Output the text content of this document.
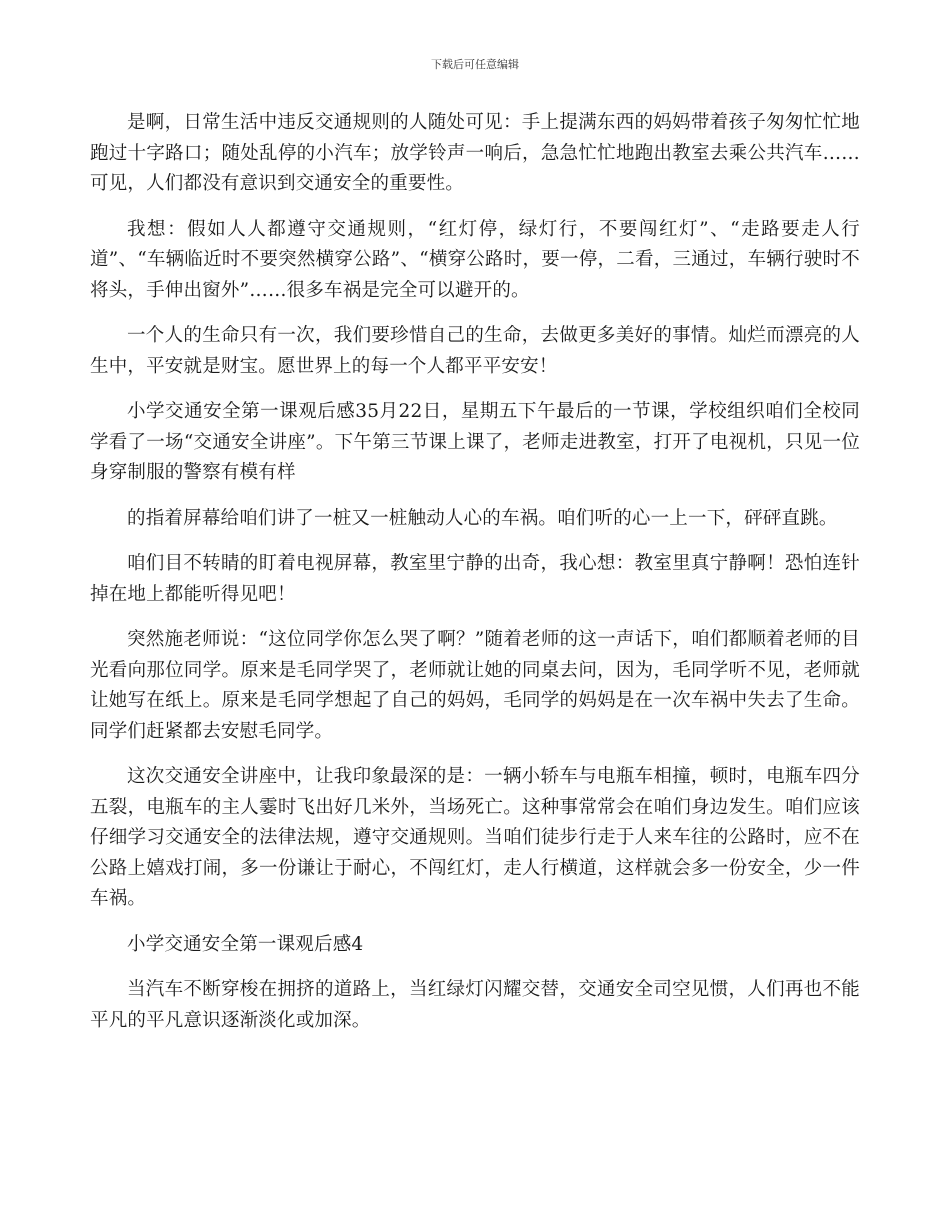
下载后可任意编辑

是啊，日常生活中违反交通规则的人随处可见：手上提满东西的妈妈带着孩子匆匆忙忙地跑过十字路口；随处乱停的小汽车；放学铃声一响后，急急忙忙地跑出教室去乘公共汽车……可见，人们都没有意识到交通安全的重要性。

我想：假如人人都遵守交通规则，“红灯停，绿灯行，不要闯红灯”、“走路要走人行道”、“车辆临近时不要突然横穿公路”、“横穿公路时，要一停，二看，三通过，车辆行驶时不将头，手伸出窗外”……很多车祸是完全可以避开的。

一个人的生命只有一次，我们要珍惜自己的生命，去做更多美好的事情。灿烂而漂亮的人生中，平安就是财宝。愿世界上的每一个人都平平安安！

小学交通安全第一课观后感35月22日，星期五下午最后的一节课，学校组织咱们全校同学看了一场“交通安全讲座”。下午第三节课上课了，老师走进教室，打开了电视机，只见一位身穿制服的警察有模有样

的指着屏幕给咱们讲了一桩又一桩触动人心的车祸。咱们听的心一上一下，砰砰直跳。

咱们目不转睛的盯着电视屏幕，教室里宁静的出奇，我心想：教室里真宁静啊！恐怕连针掉在地上都能听得见吧！

突然施老师说：“这位同学你怎么哭了啊？”随着老师的这一声话下，咱们都顺着老师的目光看向那位同学。原来是毛同学哭了，老师就让她的同桌去问，因为，毛同学听不见，老师就让她写在纸上。原来是毛同学想起了自己的妈妈，毛同学的妈妈是在一次车祸中失去了生命。同学们赶紧都去安慰毛同学。

这次交通安全讲座中，让我印象最深的是：一辆小轿车与电瓶车相撞，顿时，电瓶车四分五裂，电瓶车的主人霎时飞出好几米外，当场死亡。这种事常常会在咱们身边发生。咱们应该仔细学习交通安全的法律法规，遵守交通规则。当咱们徒步行走于人来车往的公路时，应不在公路上嬉戏打闹，多一份谦让于耐心，不闯红灯，走人行横道，这样就会多一份安全，少一件车祸。

小学交通安全第一课观后感4

当汽车不断穿梭在拥挤的道路上，当红绿灯闪耀交替，交通安全司空见惯，人们再也不能平凡的平凡意识逐渐淡化或加深。
